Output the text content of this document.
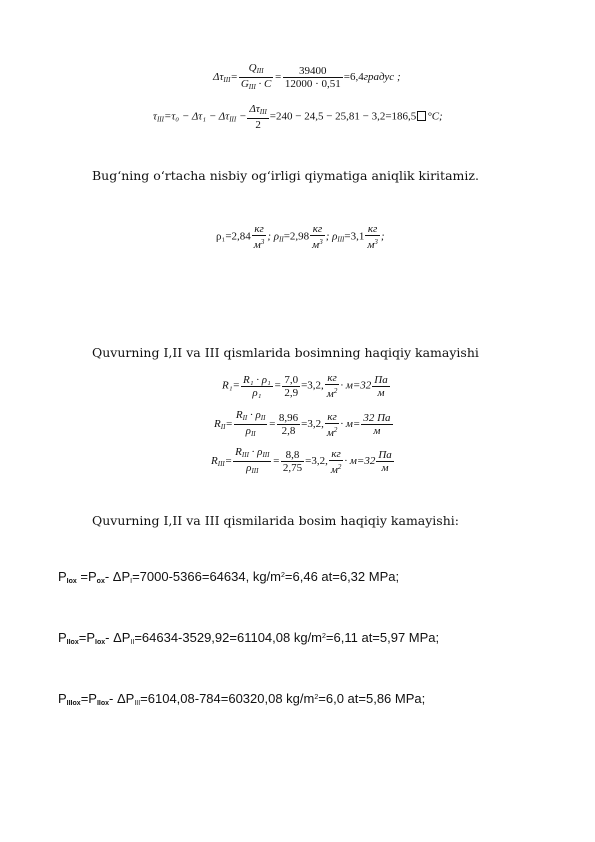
$\Delta\tau_{III}= \frac{Q_{III}}{G_{III} \cdot C} = \frac{39400}{12000 \cdot 0,51}$ =6,4градус ;
$\tau_{III}=\tau_0 - \Delta\tau_1 - \Delta\tau_{III} - \frac{\Delta\tau_{III}}{2} =240 - 24,5 - 25,81 - 3,2=186,5$ °C;
Bugʻning oʻrtacha nisbiy ogʻirligi qiymatiga aniqlik kiritamiz.
$\rho_1=2,84 \frac{кг}{м^3}$ ; $\rho_{II}=2,98 \frac{кг}{м^3}$ ; $\rho_{III}=3,1 \frac{кг}{м^3}$ ;
Quvurning I,II va III qismlarida bosimning haqiqiy kamayishi
$R_1= \frac{\text{R₁ · ρ₁}}{\text{ρ₁}} = \frac{7,0}{2,9} =3,2$, $\frac{кг}{м^2} \cdot м=32 \frac{Па}{м}$
$R_{II}= \frac{R_{II} \cdot \rho_{II}}{\rho_{II}} = \frac{8,96}{2,8} =3,2$, $\frac{кг}{м^2} \cdot м= \frac{32 Па}{м}$
$R_{III}= \frac{R_{III} \cdot \rho_{III}}{\rho_{III}} = \frac{8,8}{2,75} =3,2$, $\frac{кг}{м^2} \cdot м=32 \frac{Па}{м}$
Quvurning I,II va III qismilarida bosim haqiqiy kamayishi:
$P_{Iox} =P_{ox}-$ $\Delta P_I=7000-5366=64634$, $kg/m^2=6,46$ at=6,32 MPa;
$P_{IIox}=P_{Iox}-$ $\Delta P_{II}=64634-3529,92=61104,08$ $kg/m^2=6,11$ at=5,97 MPa;
$P_{IIIox}=P_{IIox}-$ $\Delta P_{III}=6104,08-784=60320,08$ $kg/m^2=6,0$ at=5,86 MPa;
